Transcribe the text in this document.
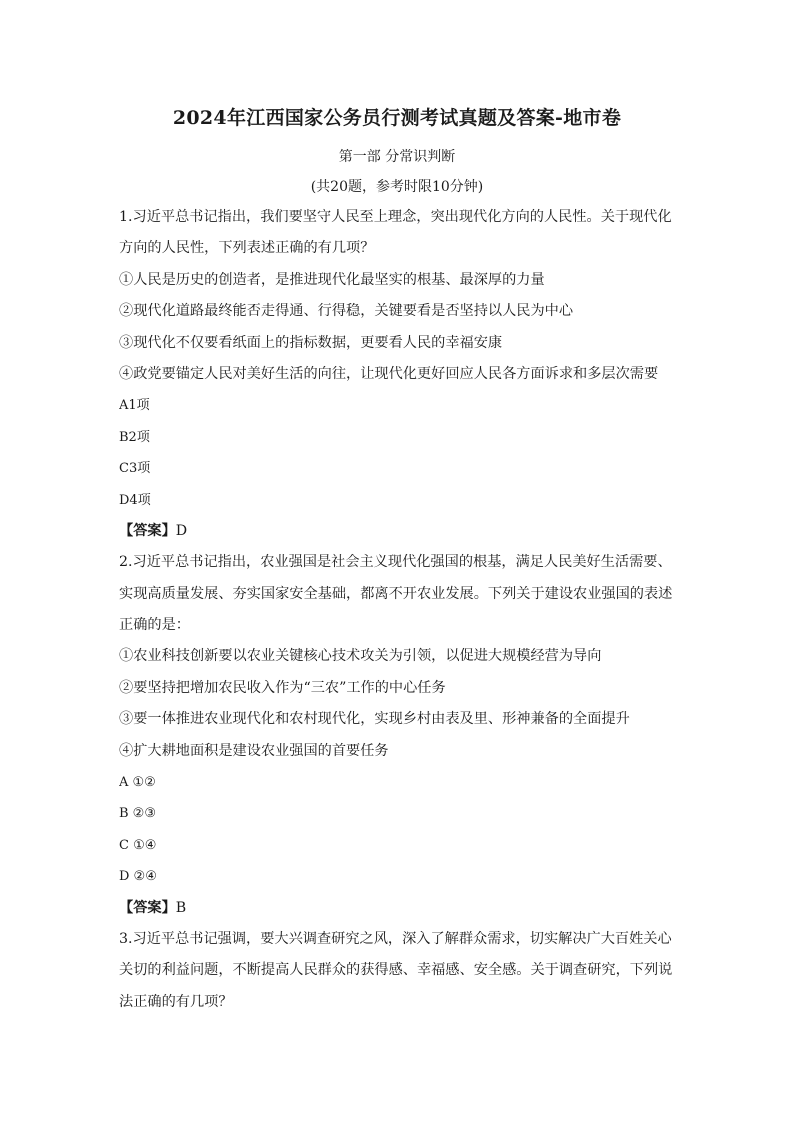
2024年江西国家公务员行测考试真题及答案-地市卷
第一部 分常识判断
(共20题，参考时限10分钟)
1.习近平总书记指出，我们要坚守人民至上理念，突出现代化方向的人民性。关于现代化
方向的人民性，下列表述正确的有几项？
①人民是历史的创造者，是推进现代化最坚实的根基、最深厚的力量
②现代化道路最终能否走得通、行得稳，关键要看是否坚持以人民为中心
③现代化不仅要看纸面上的指标数据，更要看人民的幸福安康
④政党要锚定人民对美好生活的向往，让现代化更好回应人民各方面诉求和多层次需要
A1项
B2项
C3项
D4项
【答案】D
2.习近平总书记指出，农业强国是社会主义现代化强国的根基，满足人民美好生活需要、
实现高质量发展、夯实国家安全基础，都离不开农业发展。下列关于建设农业强国的表述
正确的是：
①农业科技创新要以农业关键核心技术攻关为引领，以促进大规模经营为导向
②要坚持把增加农民收入作为“三农”工作的中心任务
③要一体推进农业现代化和农村现代化，实现乡村由表及里、形神兼备的全面提升
④扩大耕地面积是建设农业强国的首要任务
A ①②
B ②③
C ①④
D ②④
【答案】B
3.习近平总书记强调，要大兴调查研究之风，深入了解群众需求，切实解决广大百姓关心
关切的利益问题，不断提高人民群众的获得感、幸福感、安全感。关于调查研究，下列说
法正确的有几项？
